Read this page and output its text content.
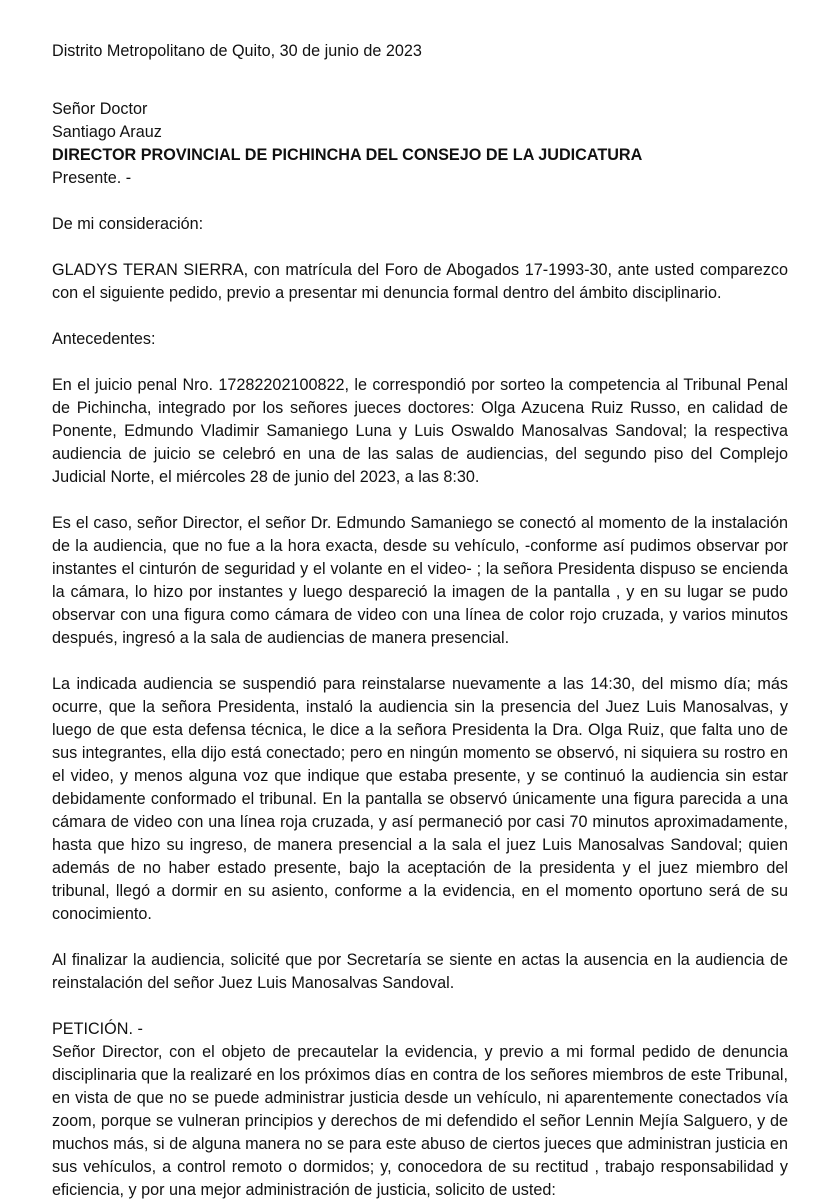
Distrito Metropolitano de Quito, 30 de junio de 2023

Señor Doctor
Santiago Arauz
DIRECTOR PROVINCIAL DE PICHINCHA DEL CONSEJO DE LA JUDICATURA
Presente. -

De mi consideración:

GLADYS TERAN SIERRA, con matrícula del Foro de Abogados 17-1993-30, ante usted comparezco con el siguiente pedido, previo a presentar mi denuncia formal dentro del ámbito disciplinario.

Antecedentes:

En el juicio penal Nro. 17282202100822, le correspondió por sorteo la competencia al Tribunal Penal de Pichincha, integrado por los señores jueces doctores: Olga Azucena Ruiz Russo, en calidad de Ponente, Edmundo Vladimir Samaniego Luna y Luis Oswaldo Manosalvas Sandoval; la respectiva audiencia de juicio se celebró en una de las salas de audiencias, del segundo piso del Complejo Judicial Norte, el miércoles 28 de junio del 2023, a las 8:30.

Es el caso, señor Director, el señor Dr. Edmundo Samaniego se conectó al momento de la instalación de la audiencia, que no fue a la hora exacta, desde su vehículo, -conforme así pudimos observar por instantes el cinturón de seguridad y el volante en el video- ; la señora Presidenta dispuso se encienda la cámara, lo hizo por instantes y luego despareció la imagen de la pantalla , y en su lugar se pudo observar con una figura como cámara de video con una línea de color rojo cruzada, y varios minutos después, ingresó a la sala de audiencias de manera presencial.

La indicada audiencia se suspendió para reinstalarse nuevamente a las 14:30, del mismo día; más ocurre, que la señora Presidenta, instaló la audiencia sin la presencia del Juez Luis Manosalvas, y luego de que esta defensa técnica, le dice a la señora Presidenta la Dra. Olga Ruiz, que falta uno de sus integrantes, ella dijo está conectado; pero en ningún momento se observó, ni siquiera su rostro en el video, y menos alguna voz que indique que estaba presente, y se continuó la audiencia sin estar debidamente conformado el tribunal. En la pantalla se observó únicamente una figura parecida a una cámara de video con una línea roja cruzada, y así permaneció por casi 70 minutos aproximadamente, hasta que hizo su ingreso, de manera presencial a la sala el juez Luis Manosalvas Sandoval; quien además de no haber estado presente, bajo la aceptación de la presidenta y el juez miembro del tribunal, llegó a dormir en su asiento, conforme a la evidencia, en el momento oportuno será de su conocimiento.

Al finalizar la audiencia, solicité que por Secretaría se siente en actas la ausencia en la audiencia de reinstalación del señor Juez Luis Manosalvas Sandoval.

PETICIÓN. -

Señor Director, con el objeto de precautelar la evidencia, y previo a mi formal pedido de denuncia disciplinaria que la realizaré en los próximos días en contra de los señores miembros de este Tribunal, en vista de que no se puede administrar justicia desde un vehículo, ni aparentemente conectados vía zoom, porque se vulneran principios y derechos de mi defendido el señor Lennin Mejía Salguero, y de muchos más, si de alguna manera no se para este abuso de ciertos jueces que administran justicia en sus vehículos, a control remoto o dormidos; y, conocedora de su rectitud , trabajo responsabilidad y eficiencia, y por una mejor administración de justicia, solicito de usted:
